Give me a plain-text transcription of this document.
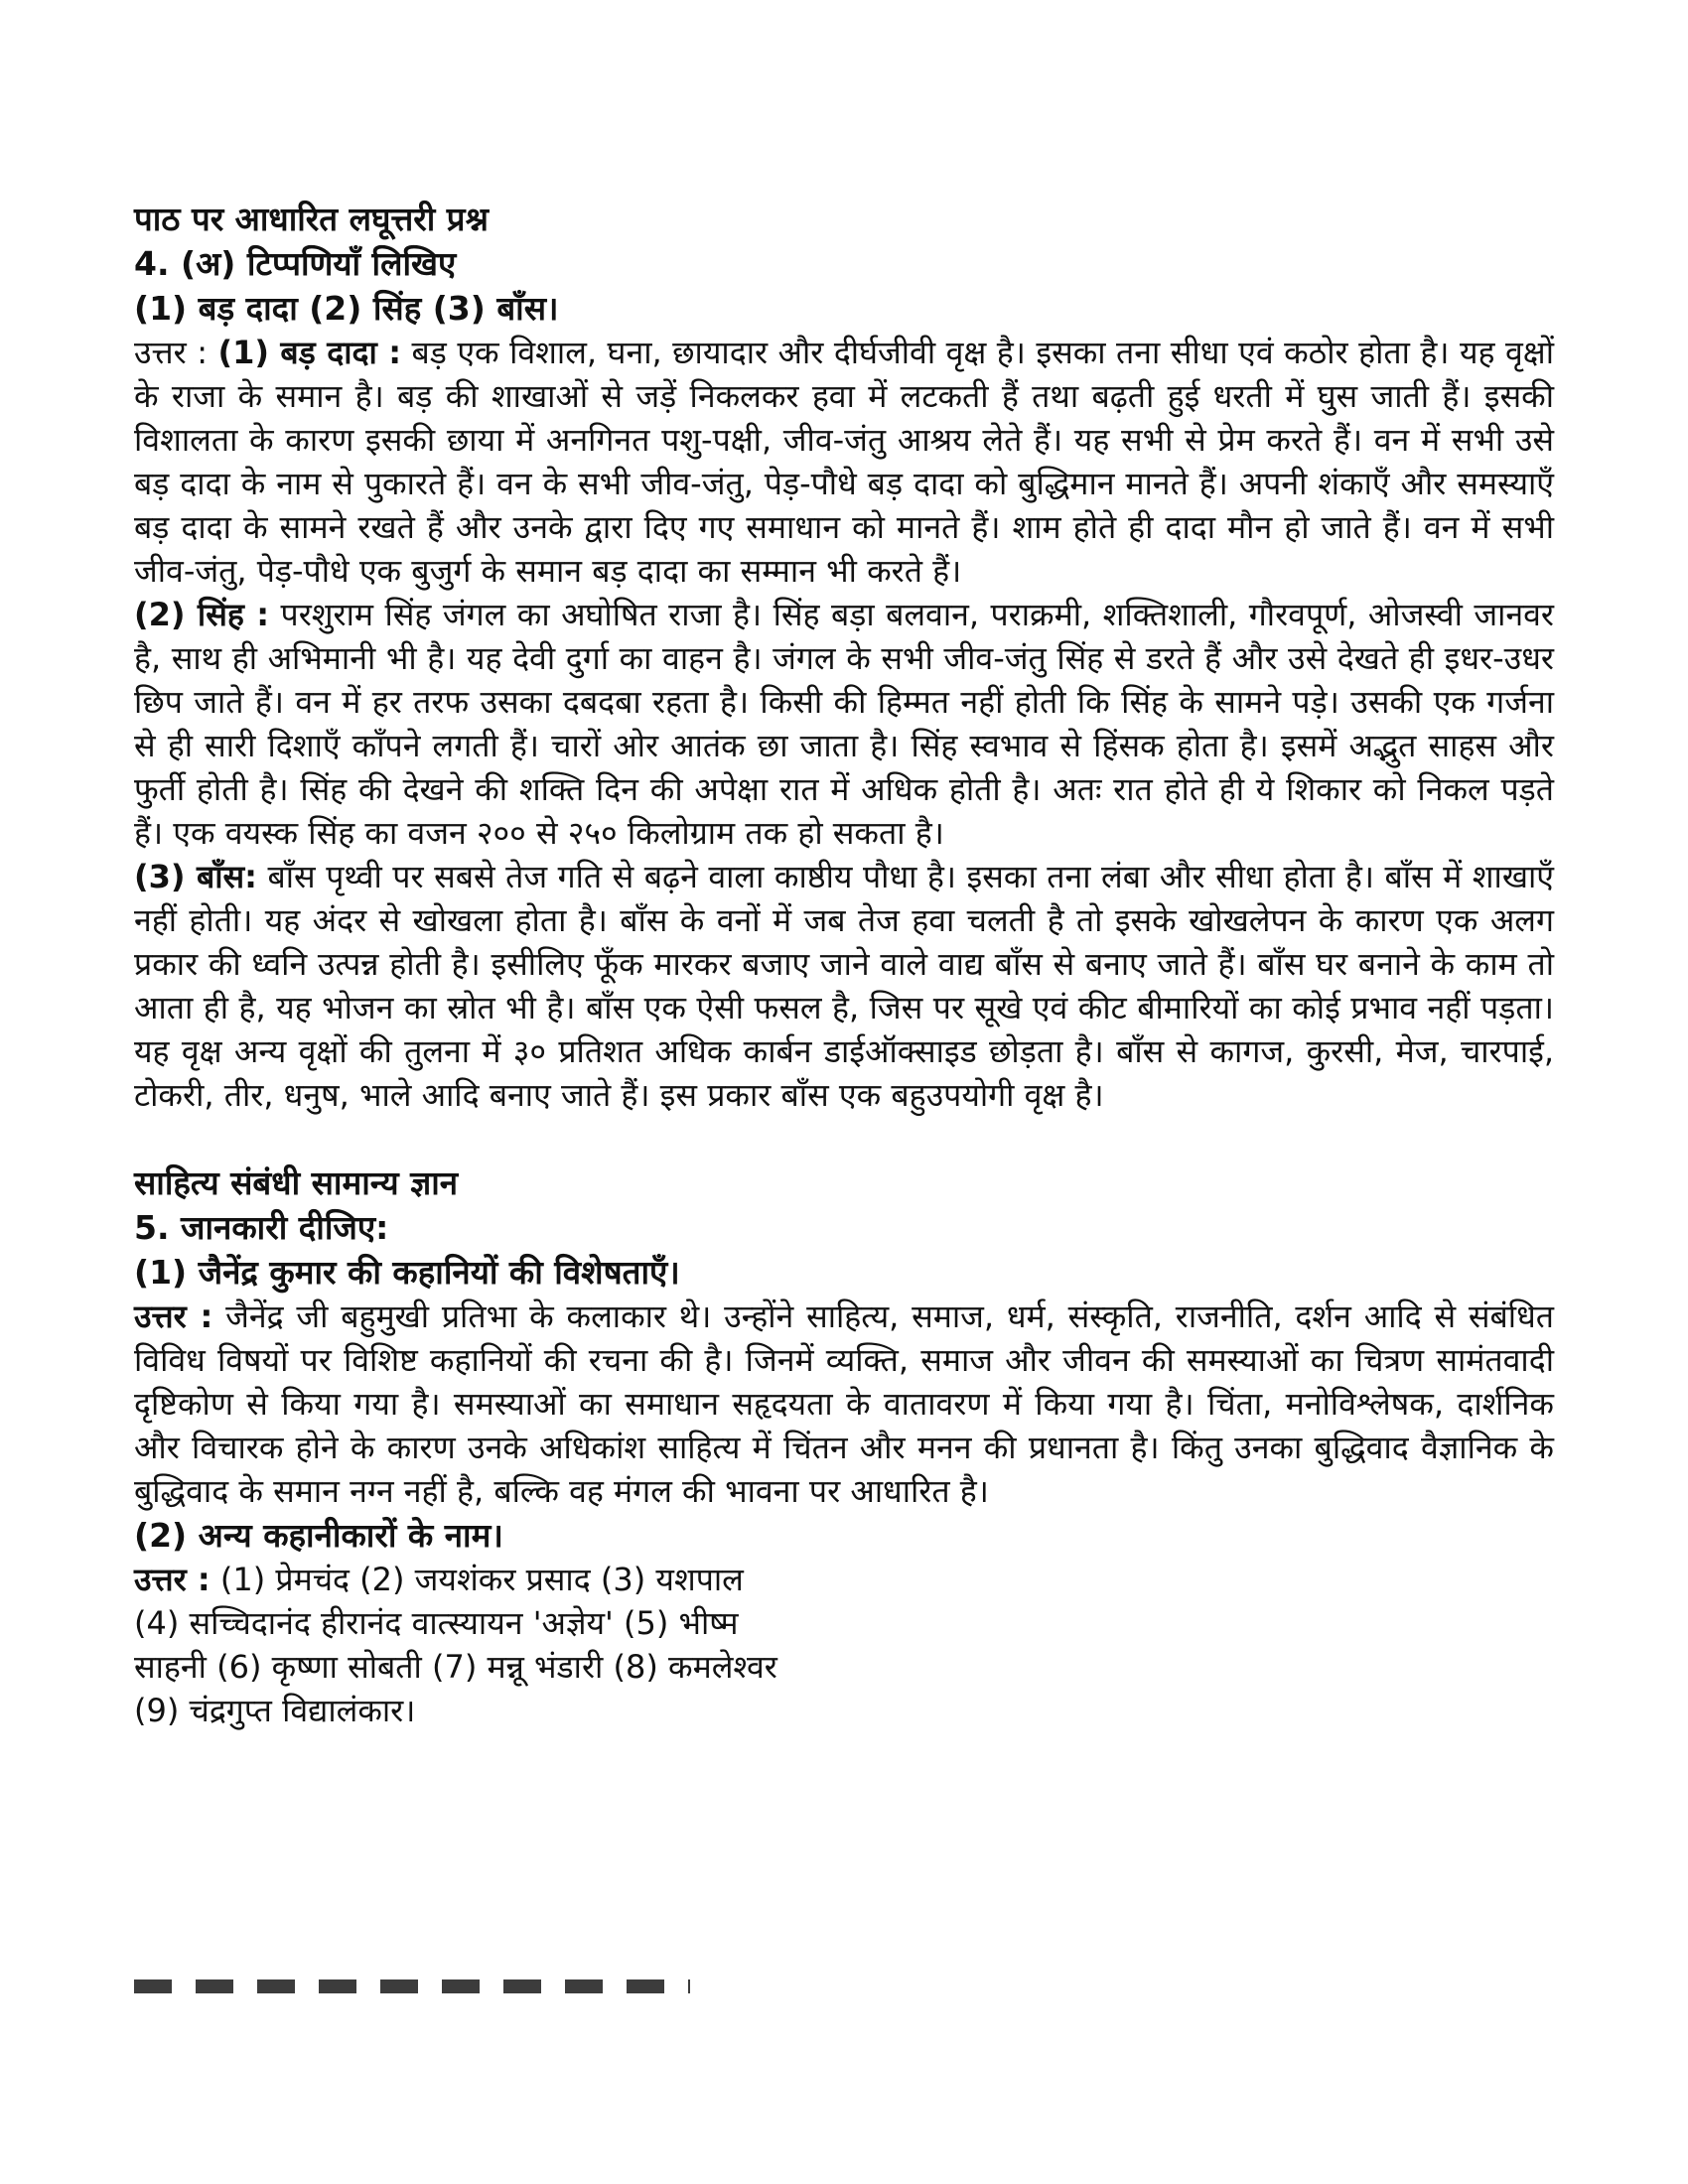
पाठ पर आधारित लघूत्तरी प्रश्न
4. (अ) टिप्पणियाँ लिखिए
(1) बड़ दादा (2) सिंह (3) बाँस।

उत्तर : (1) बड़ दादा : बड़ एक विशाल, घना, छायादार और दीर्घजीवी वृक्ष है। इसका तना सीधा एवं कठोर होता है। यह वृक्षों के राजा के समान है। बड़ की शाखाओं से जड़ें निकलकर हवा में लटकती हैं तथा बढ़ती हुई धरती में घुस जाती हैं। इसकी विशालता के कारण इसकी छाया में अनगिनत पशु-पक्षी, जीव-जंतु आश्रय लेते हैं। यह सभी से प्रेम करते हैं। वन में सभी उसे बड़ दादा के नाम से पुकारते हैं। वन के सभी जीव-जंतु, पेड़-पौधे बड़ दादा को बुद्धिमान मानते हैं। अपनी शंकाएँ और समस्याएँ बड़ दादा के सामने रखते हैं और उनके द्वारा दिए गए समाधान को मानते हैं। शाम होते ही दादा मौन हो जाते हैं। वन में सभी जीव-जंतु, पेड़-पौधे एक बुजुर्ग के समान बड़ दादा का सम्मान भी करते हैं।

(2) सिंह : परशुराम सिंह जंगल का अघोषित राजा है। सिंह बड़ा बलवान, पराक्रमी, शक्तिशाली, गौरवपूर्ण, ओजस्वी जानवर है, साथ ही अभिमानी भी है। यह देवी दुर्गा का वाहन है। जंगल के सभी जीव-जंतु सिंह से डरते हैं और उसे देखते ही इधर-उधर छिप जाते हैं। वन में हर तरफ उसका दबदबा रहता है। किसी की हिम्मत नहीं होती कि सिंह के सामने पड़े। उसकी एक गर्जना से ही सारी दिशाएँ काँपने लगती हैं। चारों ओर आतंक छा जाता है। सिंह स्वभाव से हिंसक होता है। इसमें अद्भुत साहस और फुर्ती होती है। सिंह की देखने की शक्ति दिन की अपेक्षा रात में अधिक होती है। अतः रात होते ही ये शिकार को निकल पड़ते हैं। एक वयस्क सिंह का वजन २०० से २५० किलोग्राम तक हो सकता है।

(3) बाँस: बाँस पृथ्वी पर सबसे तेज गति से बढ़ने वाला काष्ठीय पौधा है। इसका तना लंबा और सीधा होता है। बाँस में शाखाएँ नहीं होती। यह अंदर से खोखला होता है। बाँस के वनों में जब तेज हवा चलती है तो इसके खोखलेपन के कारण एक अलग प्रकार की ध्वनि उत्पन्न होती है। इसीलिए फूँक मारकर बजाए जाने वाले वाद्य बाँस से बनाए जाते हैं। बाँस घर बनाने के काम तो आता ही है, यह भोजन का स्रोत भी है। बाँस एक ऐसी फसल है, जिस पर सूखे एवं कीट बीमारियों का कोई प्रभाव नहीं पड़ता। यह वृक्ष अन्य वृक्षों की तुलना में ३० प्रतिशत अधिक कार्बन डाईऑक्साइड छोड़ता है। बाँस से कागज, कुरसी, मेज, चारपाई, टोकरी, तीर, धनुष, भाले आदि बनाए जाते हैं। इस प्रकार बाँस एक बहुउपयोगी वृक्ष है।

साहित्य संबंधी सामान्य ज्ञान
5. जानकारी दीजिए:
(1) जैनेंद्र कुमार की कहानियों की विशेषताएँ।

उत्तर : जैनेंद्र जी बहुमुखी प्रतिभा के कलाकार थे। उन्होंने साहित्य, समाज, धर्म, संस्कृति, राजनीति, दर्शन आदि से संबंधित विविध विषयों पर विशिष्ट कहानियों की रचना की है। जिनमें व्यक्ति, समाज और जीवन की समस्याओं का चित्रण सामंतवादी दृष्टिकोण से किया गया है। समस्याओं का समाधान सहृदयता के वातावरण में किया गया है। चिंता, मनोविश्लेषक, दार्शनिक और विचारक होने के कारण उनके अधिकांश साहित्य में चिंतन और मनन की प्रधानता है। किंतु उनका बुद्धिवाद वैज्ञानिक के बुद्धिवाद के समान नग्न नहीं है, बल्कि वह मंगल की भावना पर आधारित है।

(2) अन्य कहानीकारों के नाम।
उत्तर : (1) प्रेमचंद (2) जयशंकर प्रसाद (3) यशपाल
(4) सच्चिदानंद हीरानंद वात्स्यायन 'अज्ञेय' (5) भीष्म
साहनी (6) कृष्णा सोबती (7) मन्नू भंडारी (8) कमलेश्वर
(9) चंद्रगुप्त विद्यालंकार।
